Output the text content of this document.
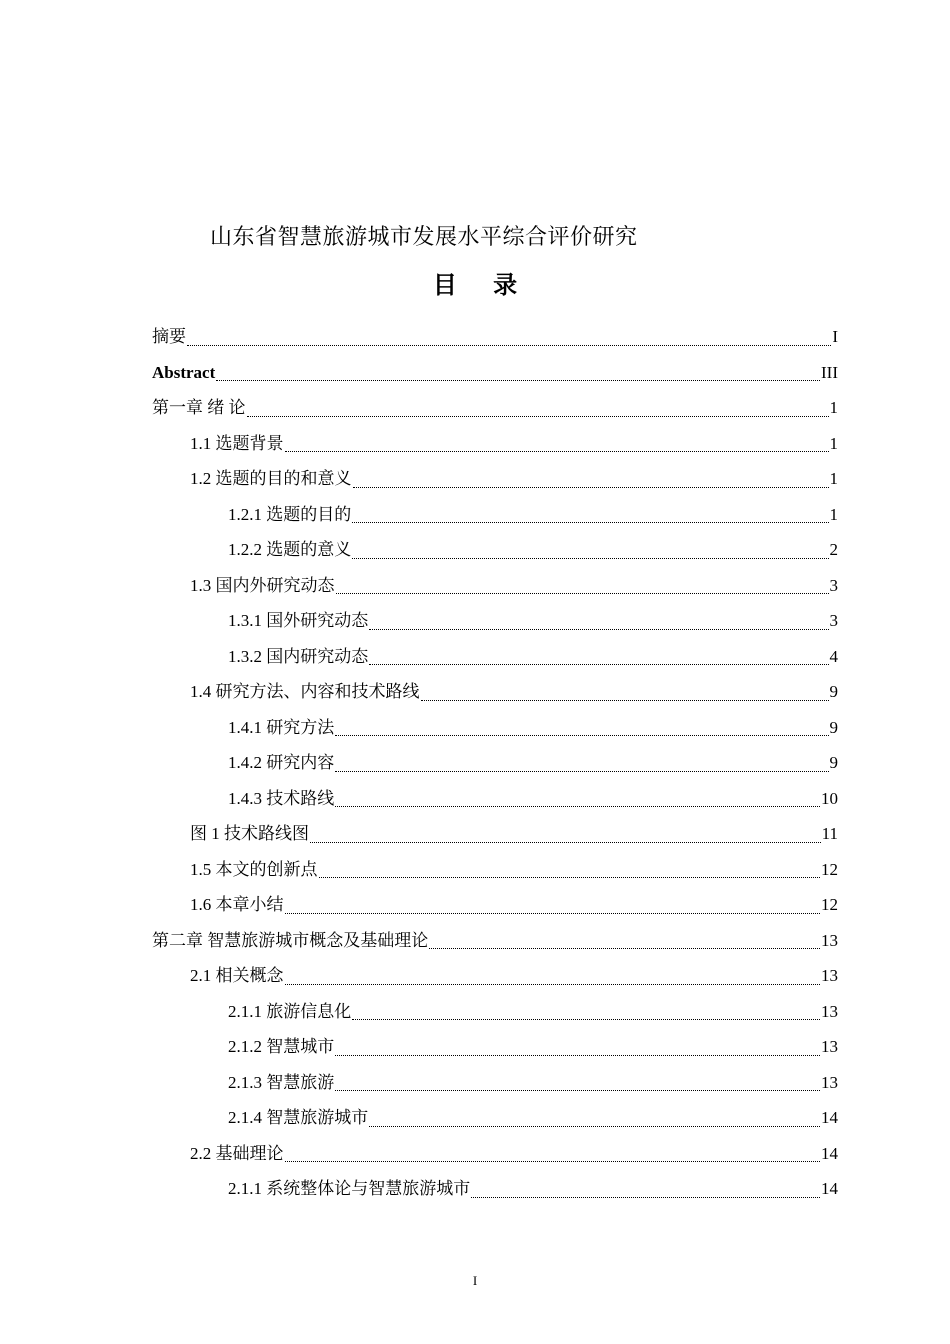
山东省智慧旅游城市发展水平综合评价研究
目 录
摘要	I
Abstract	III
第一章 绪 论	1
1.1 选题背景	1
1.2 选题的目的和意义	1
1.2.1 选题的目的	1
1.2.2 选题的意义	2
1.3 国内外研究动态	3
1.3.1 国外研究动态	3
1.3.2 国内研究动态	4
1.4 研究方法、内容和技术路线	9
1.4.1 研究方法	9
1.4.2 研究内容	9
1.4.3 技术路线	10
图 1 技术路线图	11
1.5 本文的创新点	12
1.6 本章小结	12
第二章 智慧旅游城市概念及基础理论	13
2.1 相关概念	13
2.1.1 旅游信息化	13
2.1.2 智慧城市	13
2.1.3 智慧旅游	13
2.1.4 智慧旅游城市	14
2.2 基础理论	14
2.1.1 系统整体论与智慧旅游城市	14
I
